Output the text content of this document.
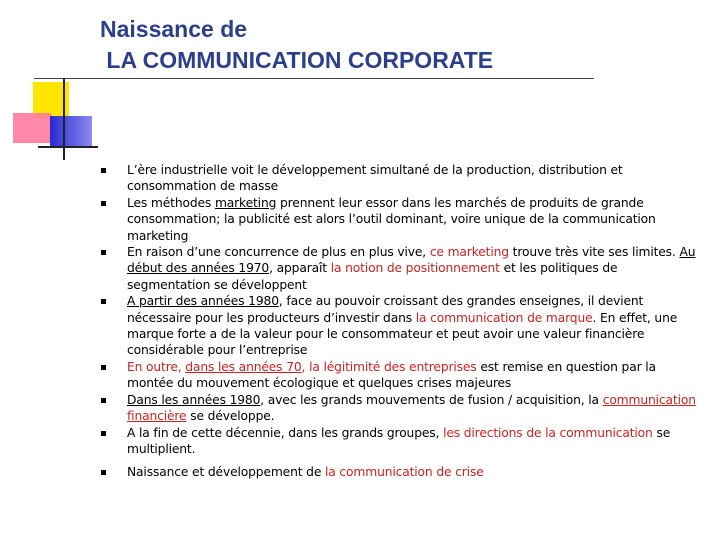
Naissance de
LA COMMUNICATION CORPORATE
L’ère industrielle voit le développement simultané de la production, distribution et consommation de masse
Les méthodes marketing prennent leur essor dans les marchés de produits de grande consommation; la publicité est alors l’outil dominant, voire unique de la communication marketing
En raison d’une concurrence de plus en plus vive, ce marketing trouve très vite ses limites. Au début des années 1970, apparaît la notion de positionnement et les politiques de segmentation se développent
A partir des années 1980, face au pouvoir croissant des grandes enseignes, il devient nécessaire pour les producteurs d’investir dans la communication de marque. En effet, une marque forte a de la valeur pour le consommateur et peut avoir une valeur financière considérable pour l’entreprise
En outre, dans les années 70, la légitimité des entreprises est remise en question par la montée du mouvement écologique et quelques crises majeures
Dans les années 1980, avec les grands mouvements de fusion / acquisition, la communication financière se développe.
A la fin de cette décennie, dans les grands groupes, les directions de la communication se multiplient.
Naissance et développement de la communication de crise
